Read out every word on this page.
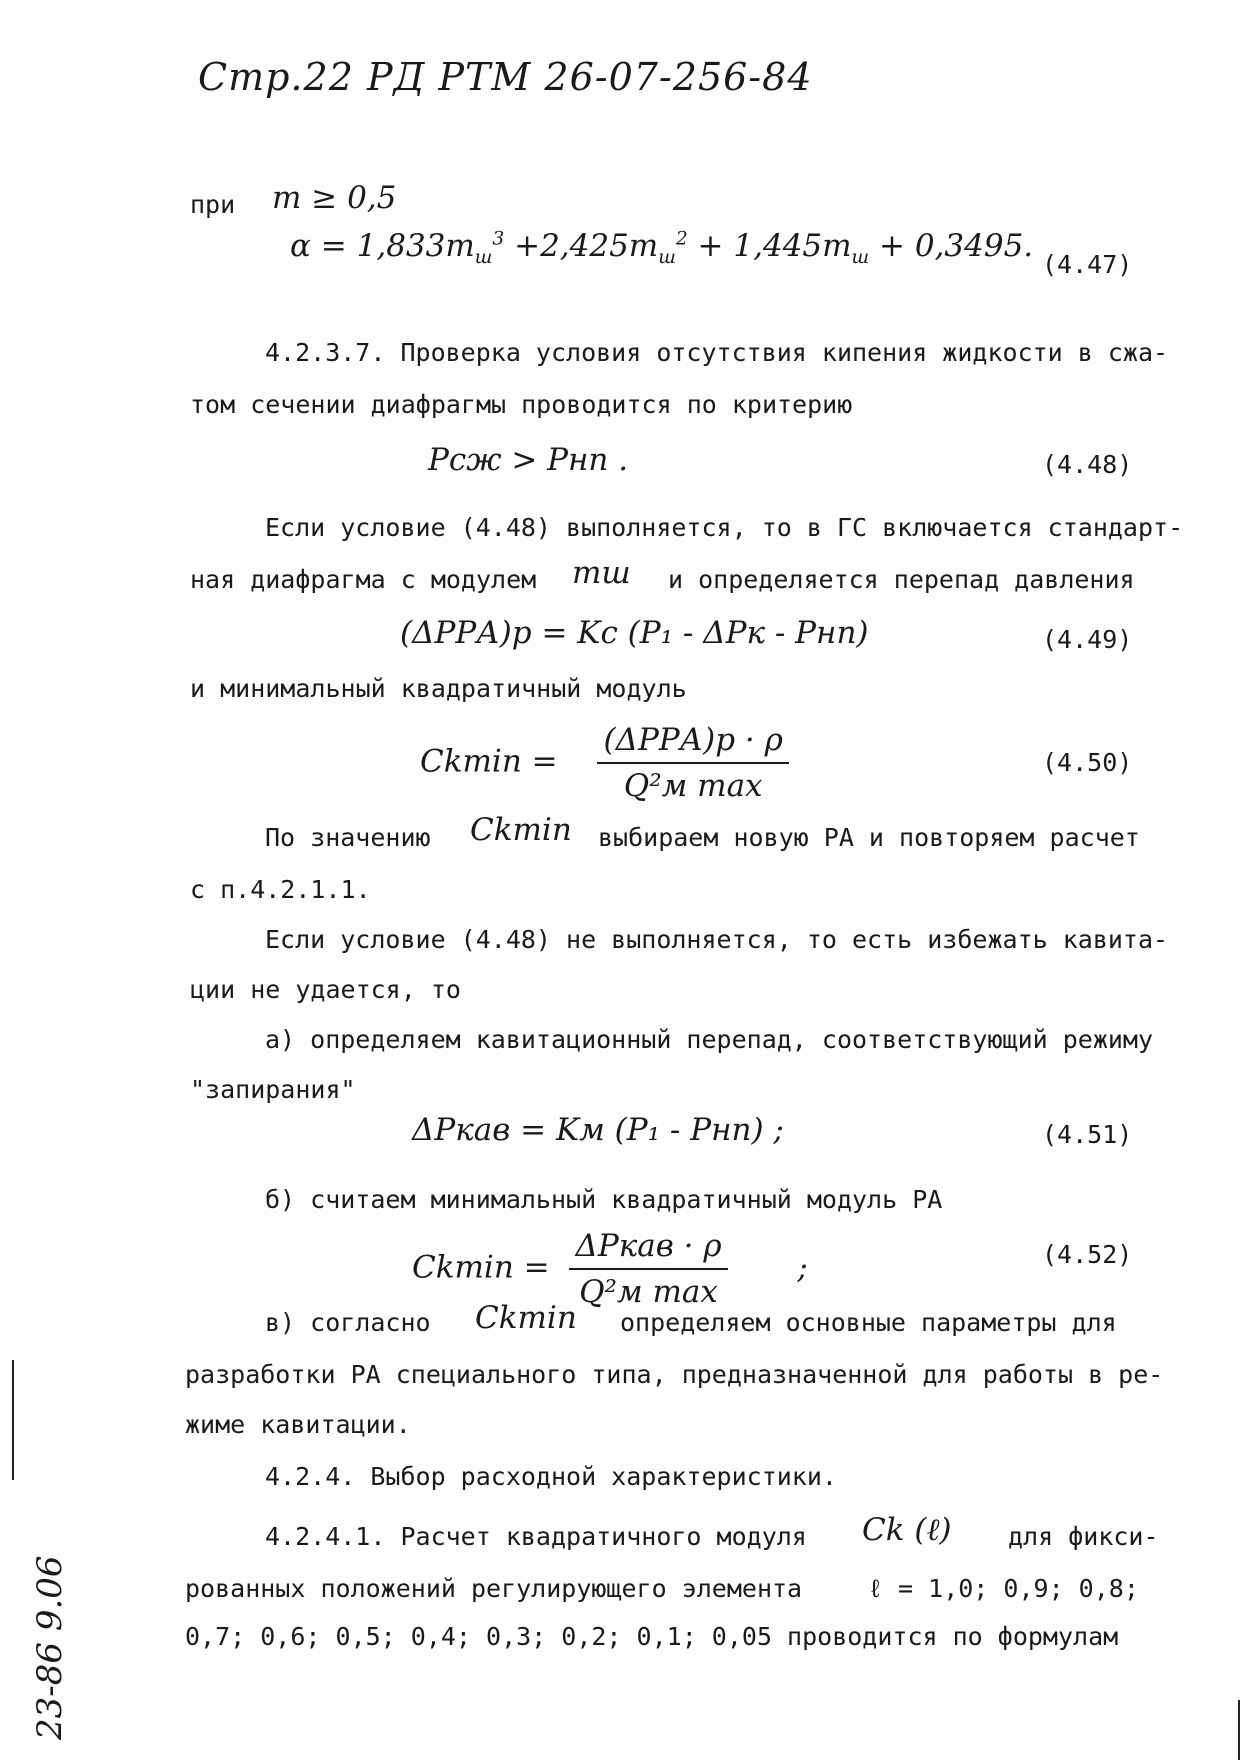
Стр.22 РД РТМ 26-07-256-84
при m ≥ 0,5
$\alpha = 1,833m_ш^3 +2,425m_ш^2 + 1,445m_ш + 0,3495$.
(4.47)
4.2.3.7. Проверка условия отсутствия кипения жидкости в сжа-
том сечении диафрагмы проводится по критерию
Pсж > Pнп .	(4.48)
Если условие (4.48) выполняется, то в ГС включается стандарт-
ная диафрагма с модулем mш и определяется перепад давления
(ΔPРА)р = Kс (P₁ - ΔPк - Pнп)	(4.49)
и минимальный квадратичный модуль
$Ckmin = \frac{\text{(ΔPРА)р · ρ}}{\text{Q²м max}}$	(4.50)
По значению Ckmin выбираем новую РА и повторяем расчет
с п.4.2.1.1.
Если условие (4.48) не выполняется, то есть избежать кавита-
ции не удается, то
а) определяем кавитационный перепад, соответствующий режиму
"запирания"
ΔPкав = Kм (P₁ - Pнп) ;	(4.51)
б) считаем минимальный квадратичный модуль РА
$Ckmin = \frac{\text{ΔPкав · ρ}}{\text{Q²м max}}$ ;	(4.52)
в) согласно Ckmin определяем основные параметры для
разработки РА специального типа, предназначенной для работы в ре-
жиме кавитации.
4.2.4. Выбор расходной характеристики.
4.2.4.1. Расчет квадратичного модуля Ck (ℓ) для фикси-
рованных положений регулирующего элемента	ℓ = 1,0; 0,9; 0,8;
0,7; 0,6; 0,5; 0,4; 0,3; 0,2; 0,1; 0,05 проводится по формулам
23-86 9.06
